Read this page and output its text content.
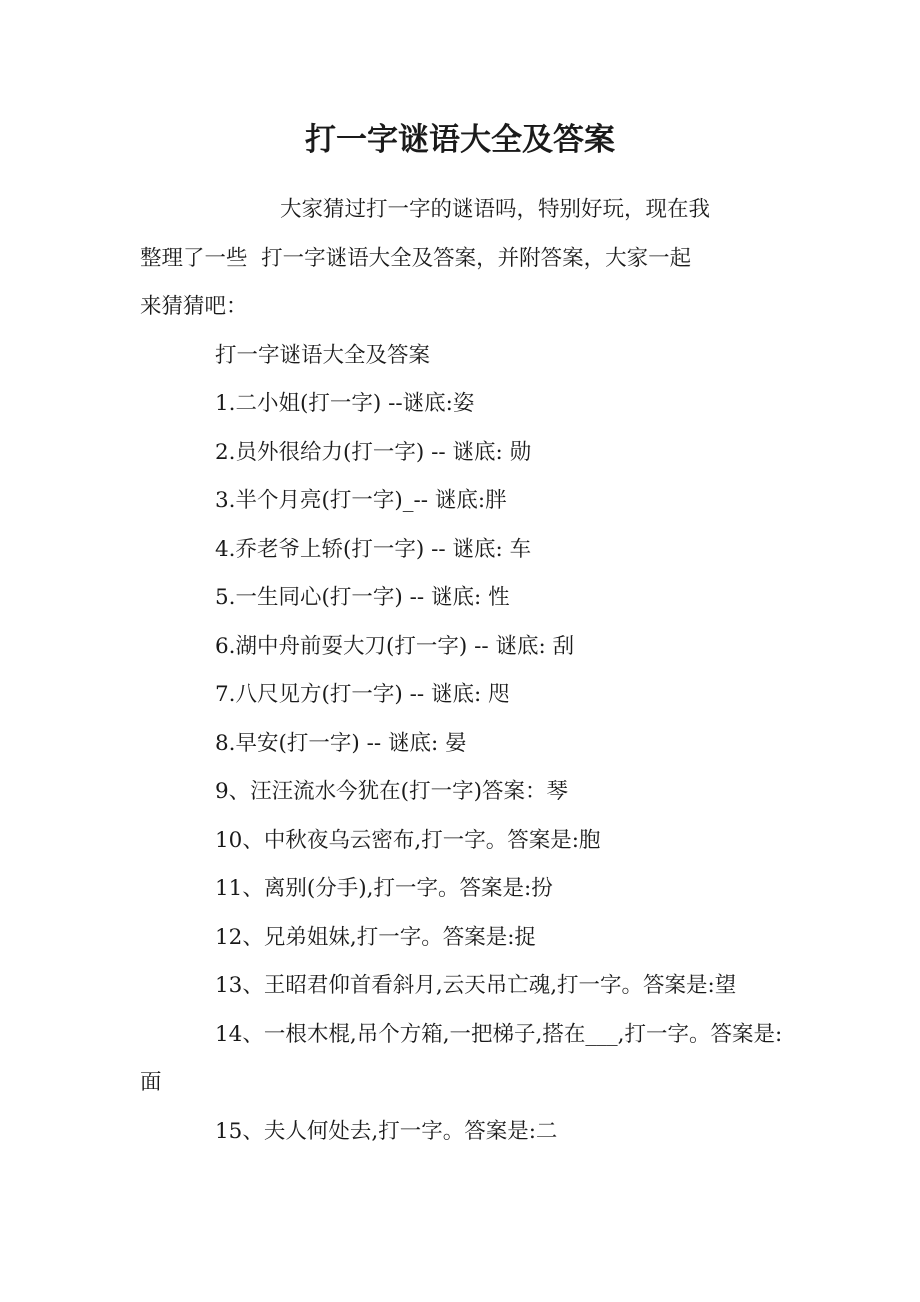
打一字谜语大全及答案

大家猜过打一字的谜语吗，特别好玩，现在我

整理了一些  打一字谜语大全及答案，并附答案，大家一起
来猜猜吧：

打一字谜语大全及答案

1.二小姐(打一字) --谜底:姿

2.员外很给力(打一字) -- 谜底: 勋

3.半个月亮(打一字)_-- 谜底:胖

4.乔老爷上轿(打一字) -- 谜底: 车

5.一生同心(打一字) -- 谜底: 性

6.湖中舟前耍大刀(打一字) -- 谜底: 刮

7.八尺见方(打一字) -- 谜底: 咫

8.早安(打一字) -- 谜底: 晏

9、汪汪流水今犹在(打一字)答案：琴

10、中秋夜乌云密布,打一字。答案是:胞

11、离别(分手),打一字。答案是:扮

12、兄弟姐妹,打一字。答案是:捉

13、王昭君仰首看斜月,云天吊亡魂,打一字。答案是:望

14、一根木棍,吊个方箱,一把梯子,搭在___,打一字。答案是:面

15、夫人何处去,打一字。答案是:二
